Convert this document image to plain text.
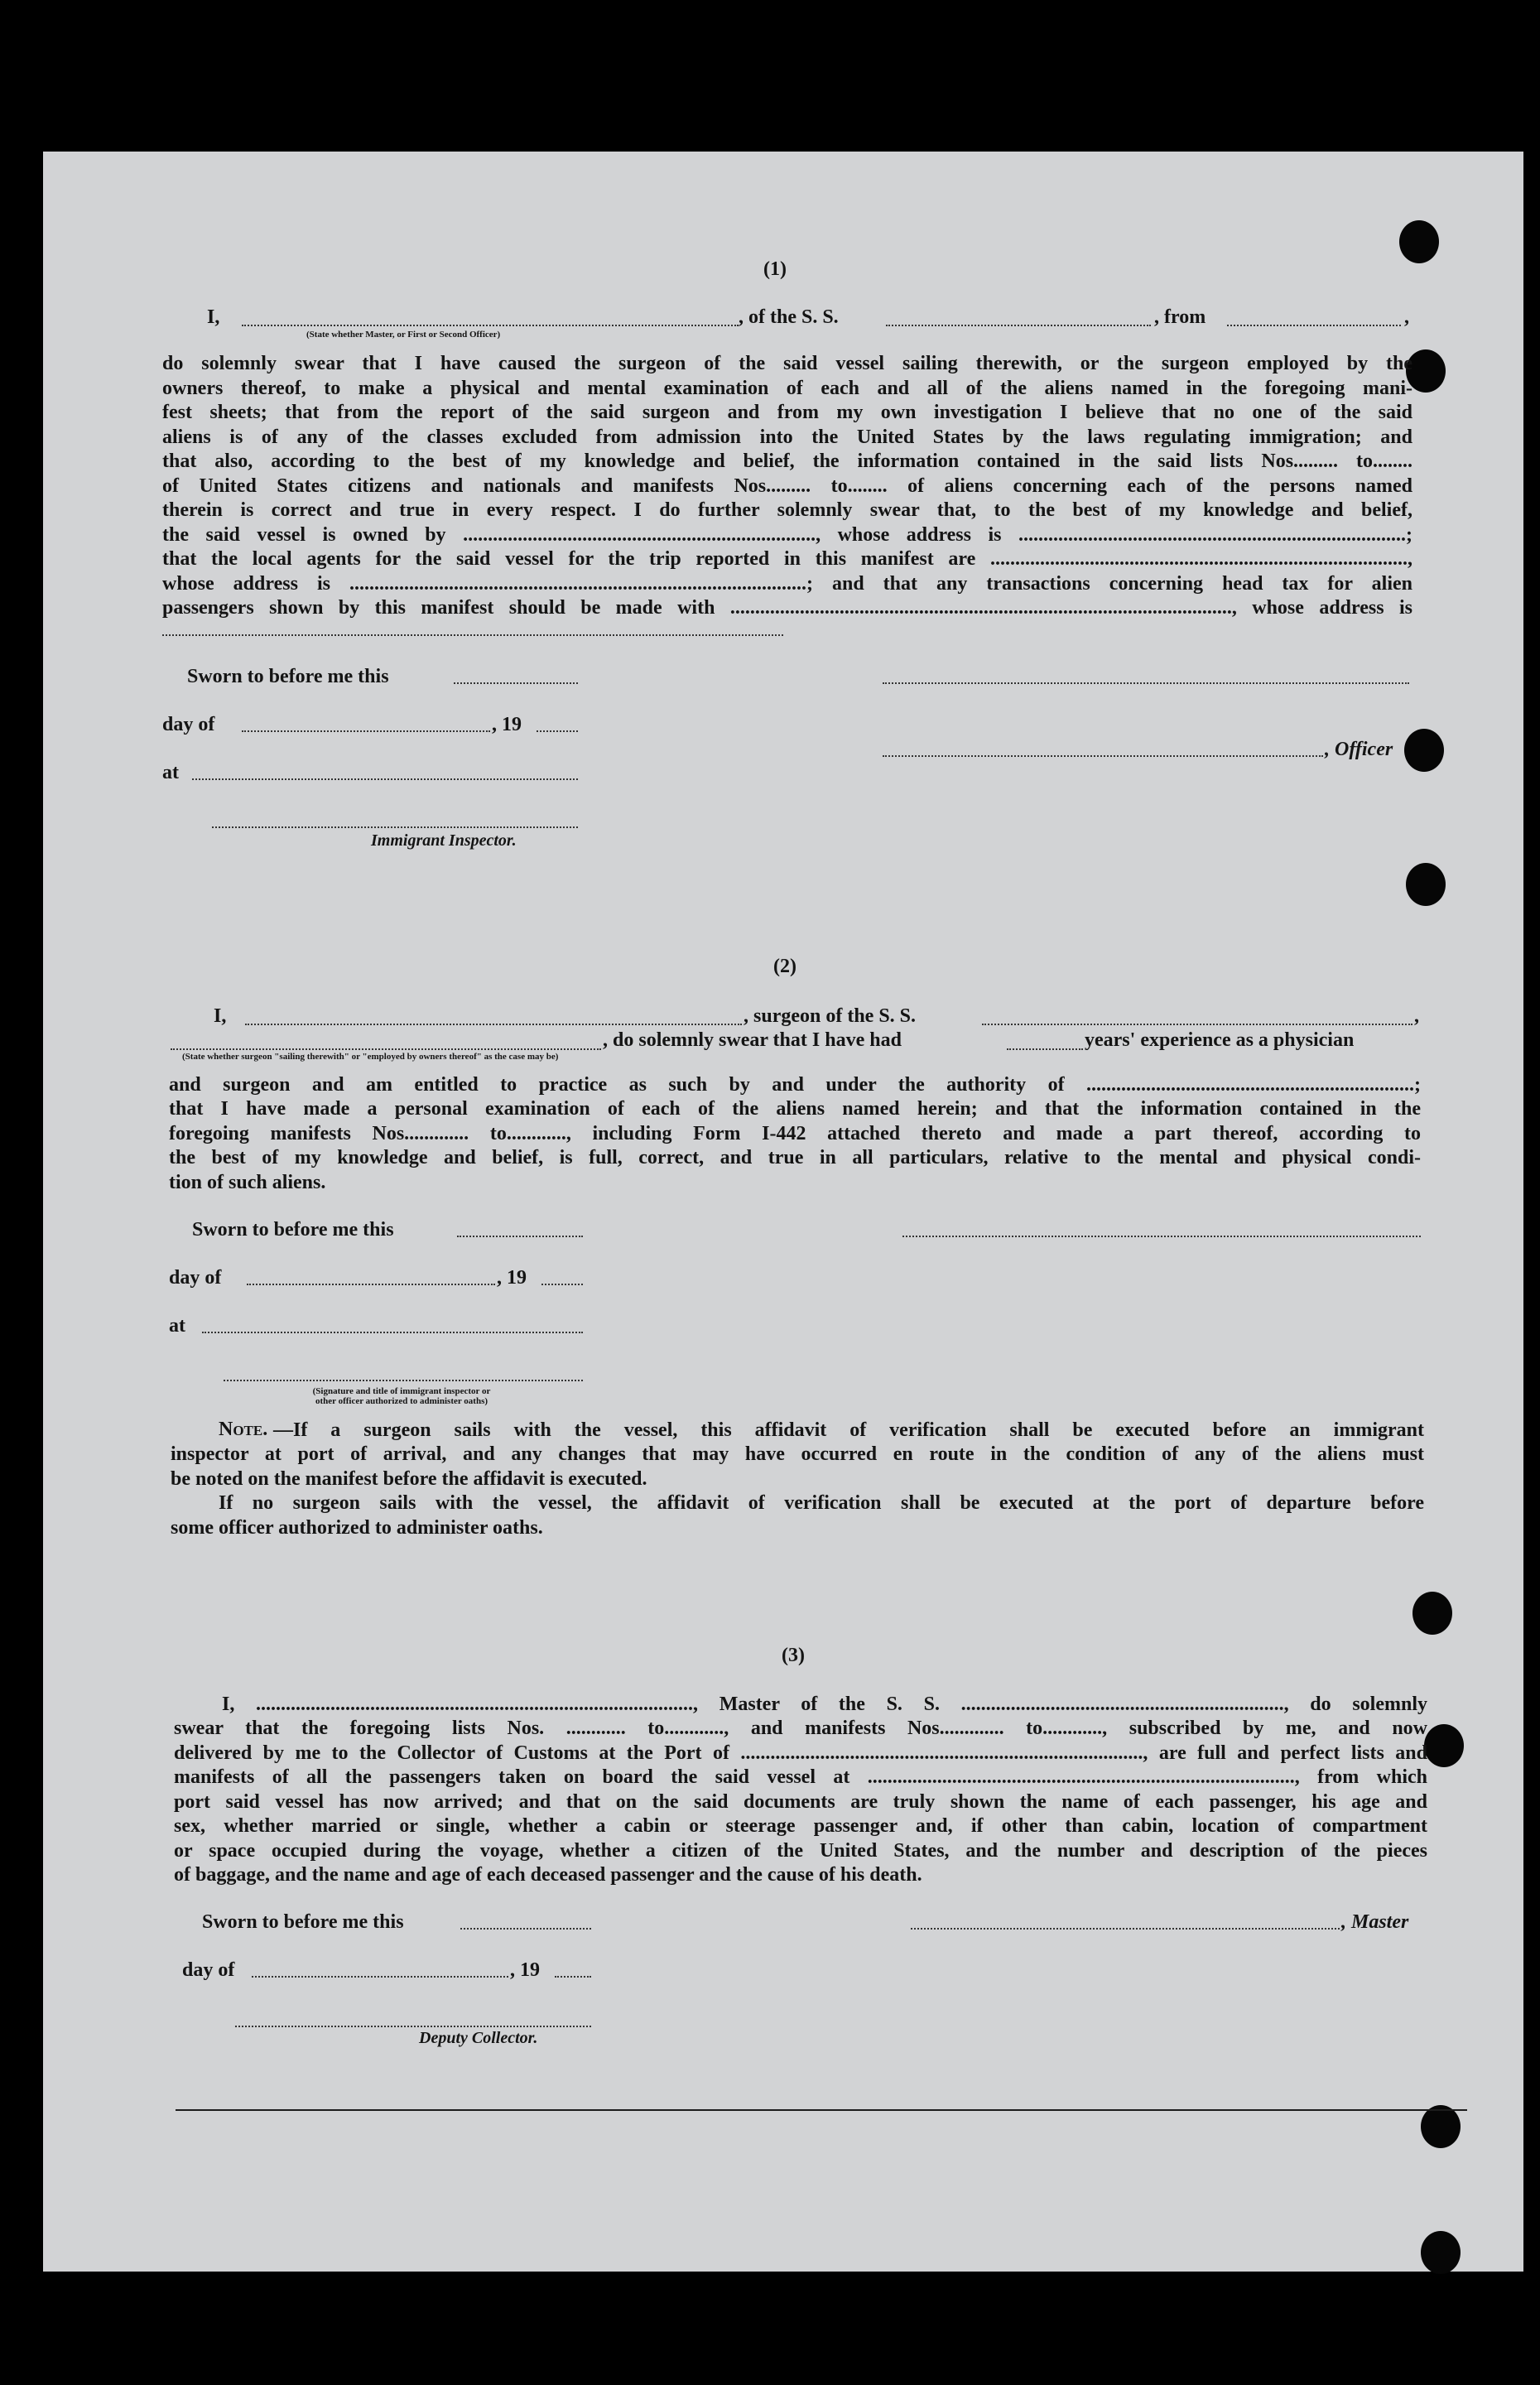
(1)
I,	, of the S. S.	, from	,
(State whether Master, or First or Second Officer)

do solemnly swear that I have caused the surgeon of the said vessel sailing therewith, or the surgeon employed by the

owners thereof, to make a physical and mental examination of each and all of the aliens named in the foregoing mani-

fest sheets; that from the report of the said surgeon and from my own investigation I believe that no one of the said

aliens is of any of the classes excluded from admission into the United States by the laws regulating immigration; and

that also, according to the best of my knowledge and belief, the information contained in the said lists Nos......... to........

of United States citizens and nationals and manifests Nos......... to........ of aliens concerning each of the persons named

therein is correct and true in every respect. I do further solemnly swear that, to the best of my knowledge and belief,

the said vessel is owned by ......................................................................., whose address is ..............................................................................;

that the local agents for the said vessel for the trip reported in this manifest are ....................................................................................,

whose address is ............................................................................................; and that any transactions concerning head tax for alien

passengers shown by this manifest should be made with ....................................................................................................., whose address is

Sworn to before me this
day of	, 19
, Officer
at
Immigrant Inspector.
(2)
I,	, surgeon of the S. S.	,
, do solemnly swear that I have had	years' experience as a physician
(State whether surgeon "sailing therewith" or "employed by owners thereof" as the case may be)

and surgeon and am entitled to practice as such by and under the authority of ..................................................................;

that I have made a personal examination of each of the aliens named herein; and that the information contained in the

foregoing manifests Nos............. to............, including Form I-442 attached thereto and made a part thereof, according to

the best of my knowledge and belief, is full, correct, and true in all particulars, relative to the mental and physical condi-

tion of such aliens.

Sworn to before me this
day of	, 19
at
(Signature and title of immigrant inspector or
other officer authorized to administer oaths)
Note. —If a surgeon sails with the vessel, this affidavit of verification shall be executed before an immigrant

inspector at port of arrival, and any changes that may have occurred en route in the condition of any of the aliens must

be noted on the manifest before the affidavit is executed.

If no surgeon sails with the vessel, the affidavit of verification shall be executed at the port of departure before

some officer authorized to administer oaths.

(3)

I, ........................................................................................, Master of the S. S. ................................................................., do solemnly

swear that the foregoing lists Nos. ............ to............, and manifests Nos............. to............, subscribed by me, and now

delivered by me to the Collector of Customs at the Port of ................................................................................., are full and perfect lists and

manifests of all the passengers taken on board the said vessel at ......................................................................................, from which

port said vessel has now arrived; and that on the said documents are truly shown the name of each passenger, his age and

sex, whether married or single, whether a cabin or steerage passenger and, if other than cabin, location of compartment

or space occupied during the voyage, whether a citizen of the United States, and the number and description of the pieces

of baggage, and the name and age of each deceased passenger and the cause of his death.

Sworn to before me this	, Master
day of	, 19
Deputy Collector.
